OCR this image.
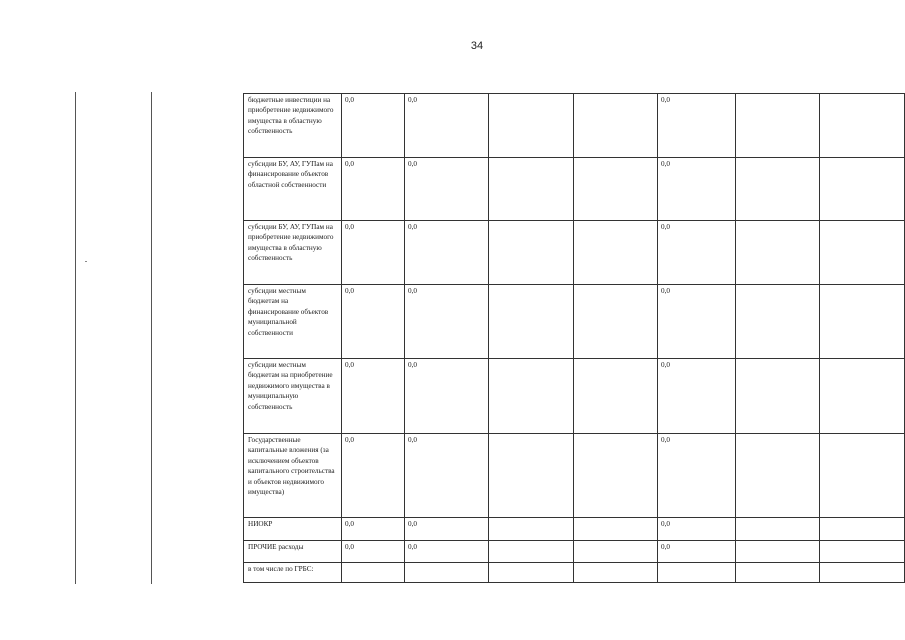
34
бюджетные инвестиции на приобретение недвижимого имущества в областную собственность	0,0	0,0			0,0		

субсидии БУ, АУ, ГУПам на финансирование объектов областной собственности	0,0	0,0			0,0		

субсидии БУ, АУ, ГУПам на приобретение недвижимого имущества в областную собственность	0,0	0,0			0,0		

субсидии местным бюджетам на финансирование объектов муниципальной собственности	0,0	0,0			0,0		

субсидии местным бюджетам на приобретение недвижимого имущества в муниципальную собственность	0,0	0,0			0,0		

Государственные капитальные вложения (за исключением объектов капитального строительства и объектов недвижимого имущества)	0,0	0,0			0,0		

НИОКР	0,0	0,0			0,0		

ПРОЧИЕ расходы	0,0	0,0			0,0		

в том числе по ГРБС:							
